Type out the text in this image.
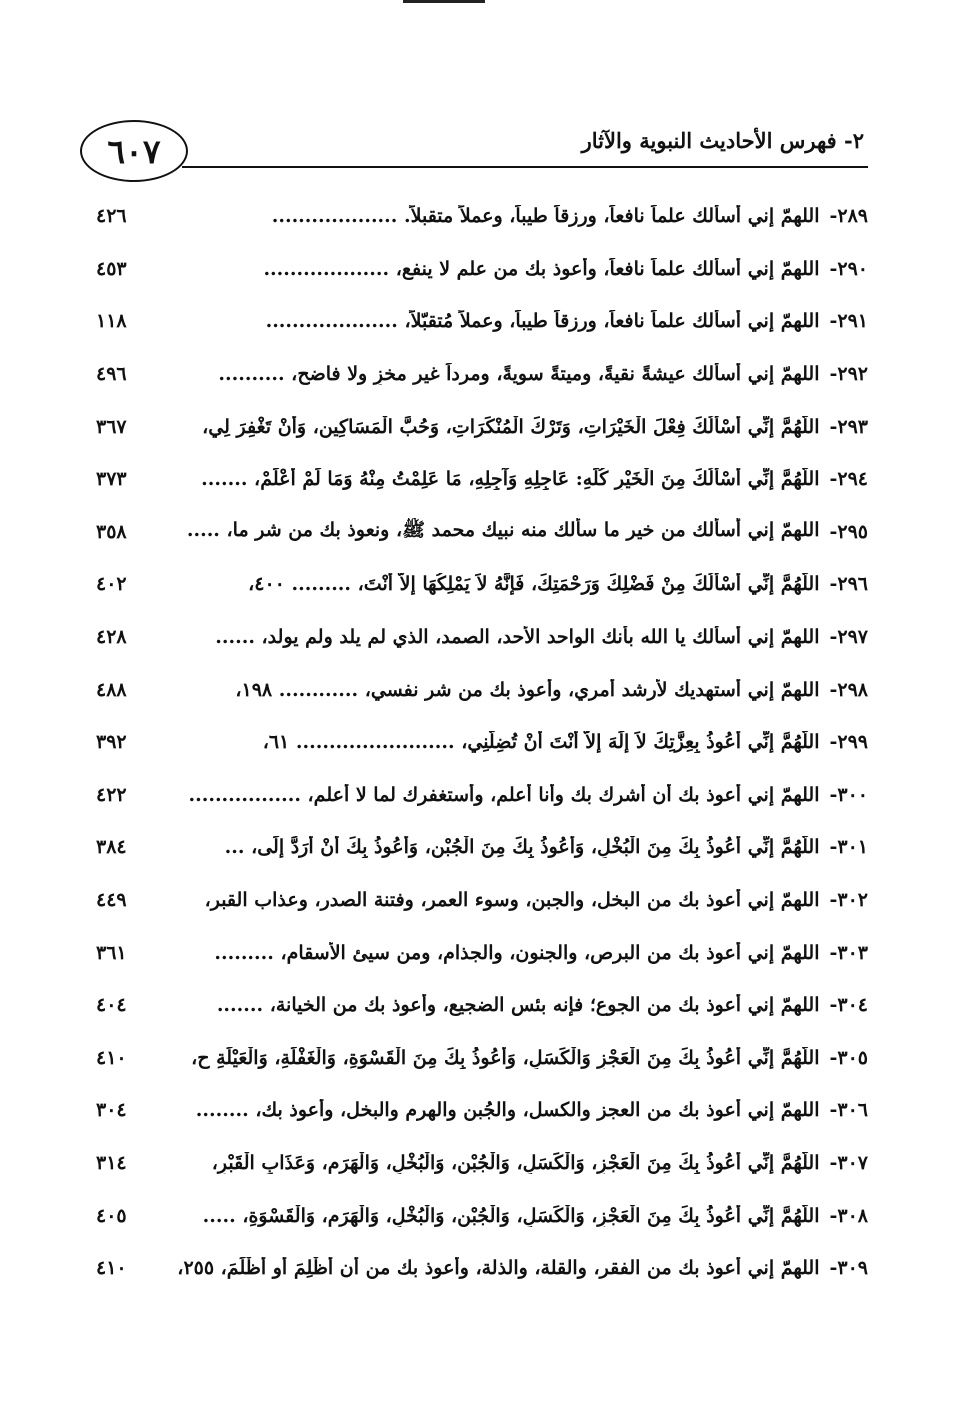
٦٠٧	٢- فهرس الأحاديث النبوية والآثار
٢٨٩-
اللهمّ إني أسألك علماً نافعاً، ورزقاً طيباً، وعملاً متقبلاً. ...................
٤٢٦
٢٩٠-
اللهمّ إني أسألك علماً نافعاً، وأعوذ بك من علم لا ينفع، ...................
٤٥٣
٢٩١-
اللهمّ إني أسألك علماً نافعاً، ورزقاً طيباً، وعملاً مُتقبّلاً، ....................
١١٨
٢٩٢-
اللهمّ إني أسألك عيشةً نقيةً، وميتةً سويةً، ومرداً غير مخزٍ ولا فاضح، ..........
٤٩٦
٢٩٣-
اللَّهُمَّ إِنِّي أَسْأَلُكَ فِعْلَ الْخَيْرَاتِ، وَتَرْكَ الْمُنْكَرَاتِ، وَحُبَّ الْمَسَاكِينِ، وَأَنْ تَغْفِرَ لِي،
٣٦٧
٢٩٤-
اللَّهُمَّ إِنِّي أَسْأَلُكَ مِنَ الْخَيْرِ كُلِّهِ: عَاجِلِهِ وَآجِلِهِ، مَا عَلِمْتُ مِنْهُ وَمَا لَمْ أَعْلَمْ، .......
٣٧٣
٢٩٥-
اللهمّ إني أسألك من خير ما سألك منه نبيك محمد ﷺ، ونعوذ بك من شر ما، .....
٣٥٨
٢٩٦-
اللَّهُمَّ إِنِّي أَسْأَلُكَ مِنْ فَضْلِكَ وَرَحْمَتِكَ، فَإِنَّهُ لاَ يَمْلِكُهَا إِلاَّ أَنْتَ، ......... ٤٠٠،
٤٠٢
٢٩٧-
اللهمّ إني أسألك يا الله بأنك الواحد الأحد، الصمد، الذي لم يلد ولم يولد، ......
٤٢٨
٢٩٨-
اللهمّ إني أستهديك لأرشد أمري، وأعوذ بك من شر نفسي، ............ ١٩٨،
٤٨٨
٢٩٩-
اللَّهُمَّ إِنِّي أَعُوذُ بِعِزَّتِكَ لاَ إِلَهَ إِلاَّ أَنْتَ أَنْ تُضِلَّنِي، ........................ ٦١،
٣٩٢
٣٠٠-
اللهمّ إني أعوذ بك أن أشرك بك وأنا أعلم، وأستغفرك لما لا أعلم، .................
٤٢٢
٣٠١-
اللَّهُمَّ إِنِّي أَعُوذُ بِكَ مِنَ الْبُخْلِ، وَأَعُوذُ بِكَ مِنَ الْجُبْنِ، وَأَعُوذُ بِكَ أَنْ أُرَدَّ إِلَى، ...
٣٨٤
٣٠٢-
اللهمّ إني أعوذ بك من البخل، والجبن، وسوء العمر، وفتنة الصدر، وعذاب القبر،
٤٤٩
٣٠٣-
اللهمّ إني أعوذ بك من البرص، والجنون، والجذام، ومن سيئ الأسقام، .........
٣٦١
٣٠٤-
اللهمّ إني أعوذ بك من الجوع؛ فإنه بئس الضجيع، وأعوذ بك من الخيانة، .......
٤٠٤
٣٠٥-
اللَّهُمَّ إِنِّي أَعُوذُ بِكَ مِنَ الْعَجْزِ وَالْكَسَلِ، وَأَعُوذُ بِكَ مِنَ الْقَسْوَةِ، وَالْغَفْلَةِ، وَالْعَيْلَةِ ح،
٤١٠
٣٠٦-
اللهمّ إني أعوذ بك من العجز والكسل، والجُبن والهرم والبخل، وأعوذ بك، ........
٣٠٤
٣٠٧-
اللَّهُمَّ إِنِّي أَعُوذُ بِكَ مِنَ الْعَجْزِ، وَالْكَسَلِ، وَالْجُبْنِ، وَالْبُخْلِ، وَالْهَرَمِ، وَعَذَابِ الْقَبْرِ،
٣١٤
٣٠٨-
اللَّهُمَّ إِنِّي أَعُوذُ بِكَ مِنَ الْعَجْزِ، وَالْكَسَلِ، وَالْجُبْنِ، وَالْبُخْلِ، وَالْهَرَمِ، وَالْقَسْوَةِ، .....
٤٠٥
٣٠٩-
اللهمّ إني أعوذ بك من الفقر، والقلة، والذلة، وأعوذ بك من أن أَظْلِمَ أو أُظْلَمَ، ٢٥٥،
٤١٠
